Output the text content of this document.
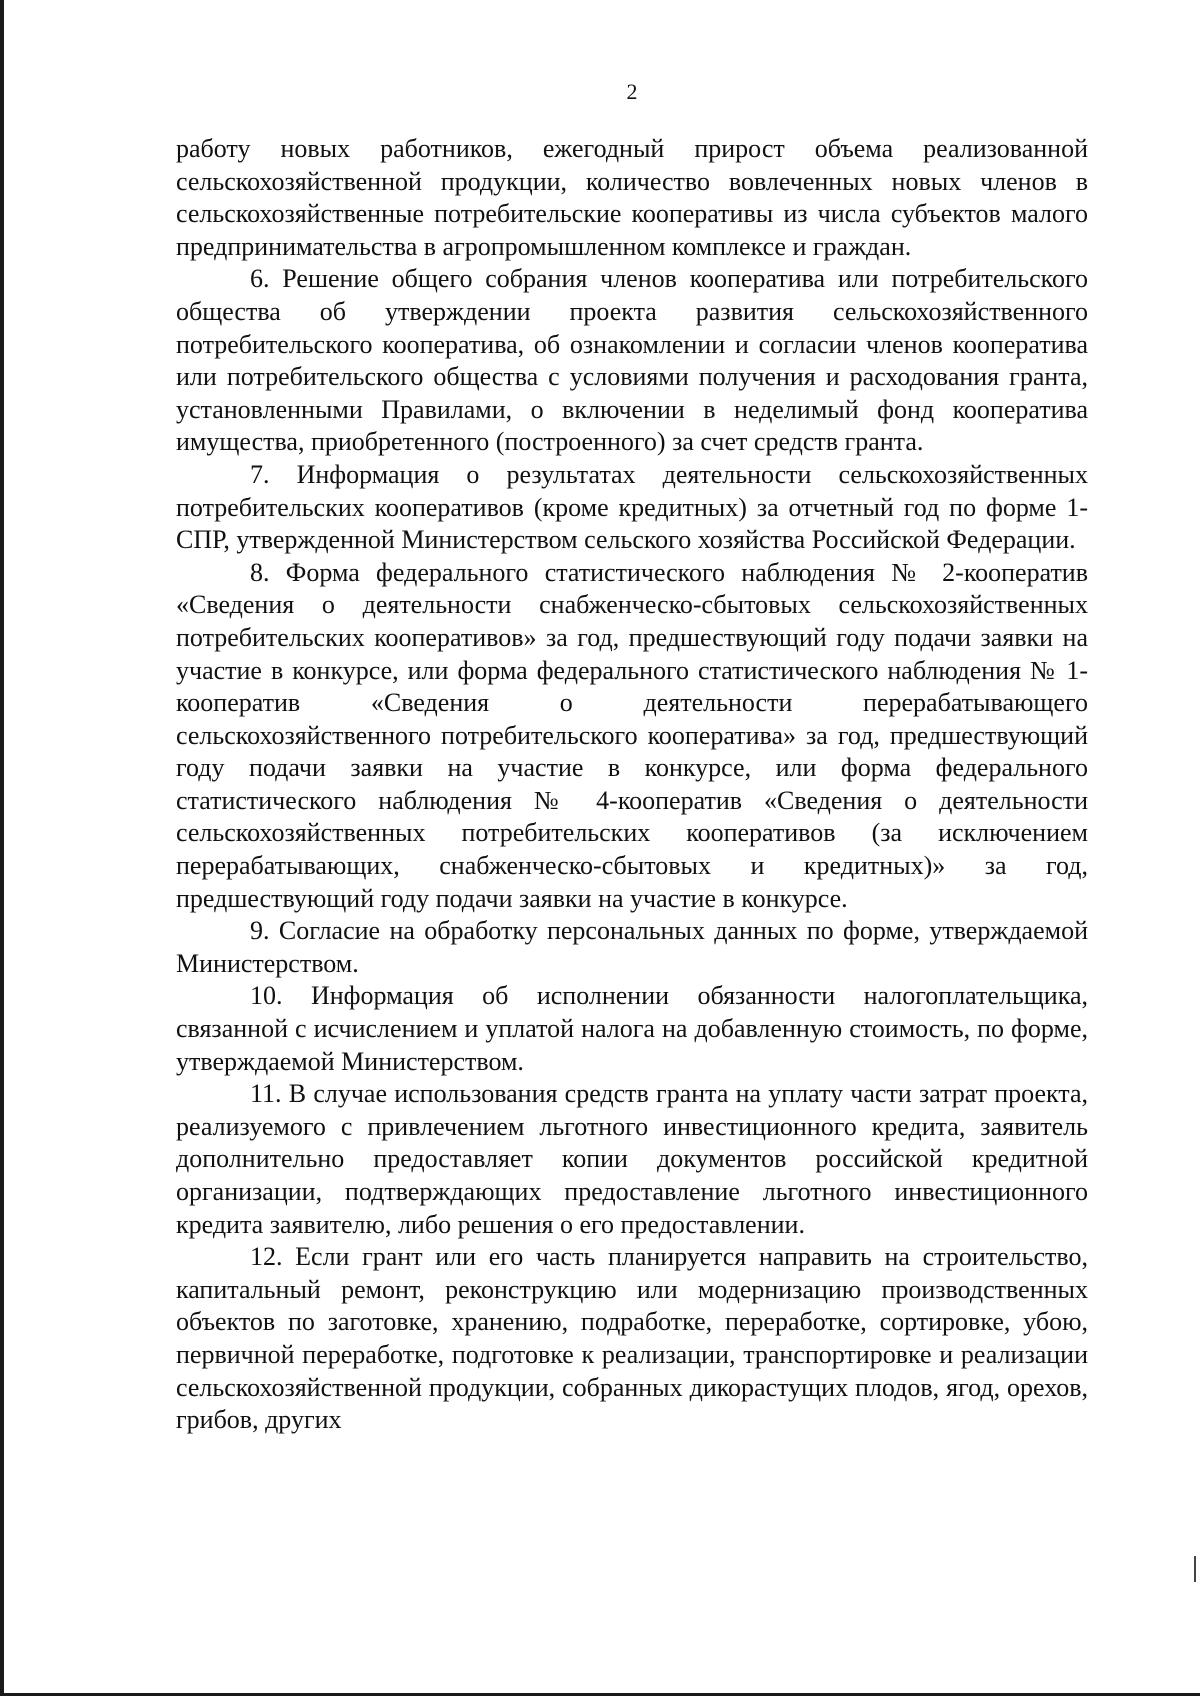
2

работу новых работников, ежегодный прирост объема реализованной сельскохозяйственной продукции, количество вовлеченных новых членов в сельскохозяйственные потребительские кооперативы из числа субъектов малого предпринимательства в агропромышленном комплексе и граждан.

6. Решение общего собрания членов кооператива или потребительского общества об утверждении проекта развития сельскохозяйственного потребительского кооператива, об ознакомлении и согласии членов кооператива или потребительского общества с условиями получения и расходования гранта, установленными Правилами, о включении в неделимый фонд кооператива имущества, приобретенного (построенного) за счет средств гранта.

7. Информация о результатах деятельности сельскохозяйственных потребительских кооперативов (кроме кредитных) за отчетный год по форме 1-СПР, утвержденной Министерством сельского хозяйства Российской Федерации.

8. Форма федерального статистического наблюдения № 2-кооператив «Сведения о деятельности снабженческо-сбытовых сельскохозяйственных потребительских кооперативов» за год, предшествующий году подачи заявки на участие в конкурсе, или форма федерального статистического наблюдения № 1-кооператив «Сведения о деятельности перерабатывающего сельскохозяйственного потребительского кооператива» за год, предшествующий году подачи заявки на участие в конкурсе, или форма федерального статистического наблюдения № 4-кооператив «Сведения о деятельности сельскохозяйственных потребительских кооперативов (за исключением перерабатывающих, снабженческо-сбытовых и кредитных)» за год, предшествующий году подачи заявки на участие в конкурсе.

9. Согласие на обработку персональных данных по форме, утверждаемой Министерством.

10. Информация об исполнении обязанности налогоплательщика, связанной с исчислением и уплатой налога на добавленную стоимость, по форме, утверждаемой Министерством.

11. В случае использования средств гранта на уплату части затрат проекта, реализуемого с привлечением льготного инвестиционного кредита, заявитель дополнительно предоставляет копии документов российской кредитной организации, подтверждающих предоставление льготного инвестиционного кредита заявителю, либо решения о его предоставлении.

12. Если грант или его часть планируется направить на строительство, капитальный ремонт, реконструкцию или модернизацию производственных объектов по заготовке, хранению, подработке, переработке, сортировке, убою, первичной переработке, подготовке к реализации, транспортировке и реализации сельскохозяйственной продукции, собранных дикорастущих плодов, ягод, орехов, грибов, других
